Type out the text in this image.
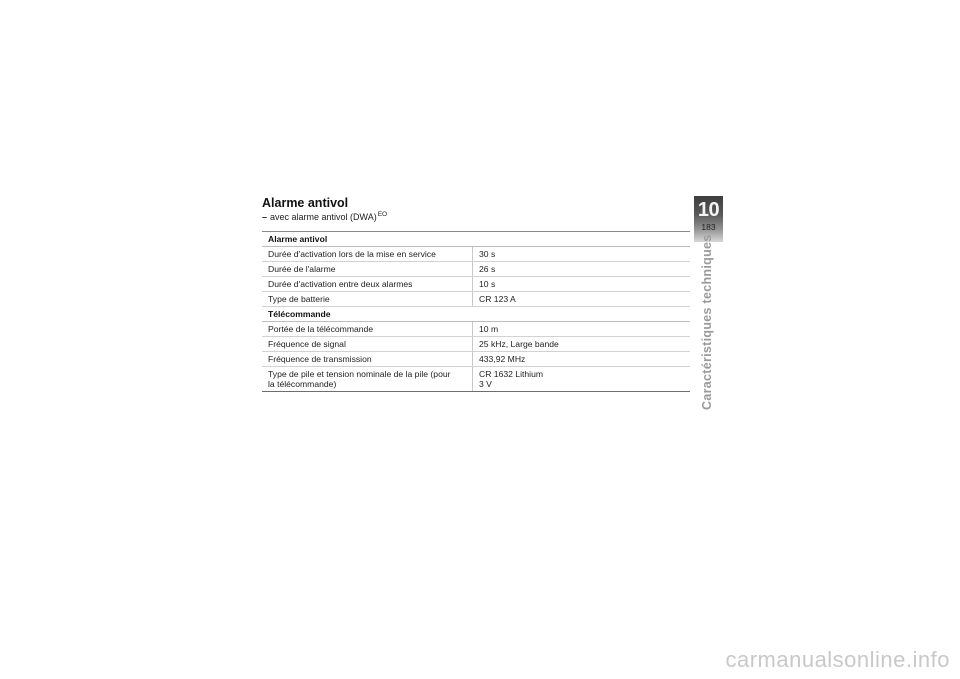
Alarme antivol
– avec alarme antivol (DWA)$^{EO}$
Alarme antivol	
Durée d'activation lors de la mise en service	30 s
Durée de l'alarme	26 s
Durée d'activation entre deux alarmes	10 s
Type de batterie	CR 123 A
Télécommande	
Portée de la télécommande	10 m
Fréquence de signal	25 kHz, Large bande
Fréquence de transmission	433,92 MHz
Type de pile et tension nominale de la pile (pour
la télécommande)	CR 1632 Lithium
3 V
10
183
Caractéristiques techniques
carmanualsonline.info
